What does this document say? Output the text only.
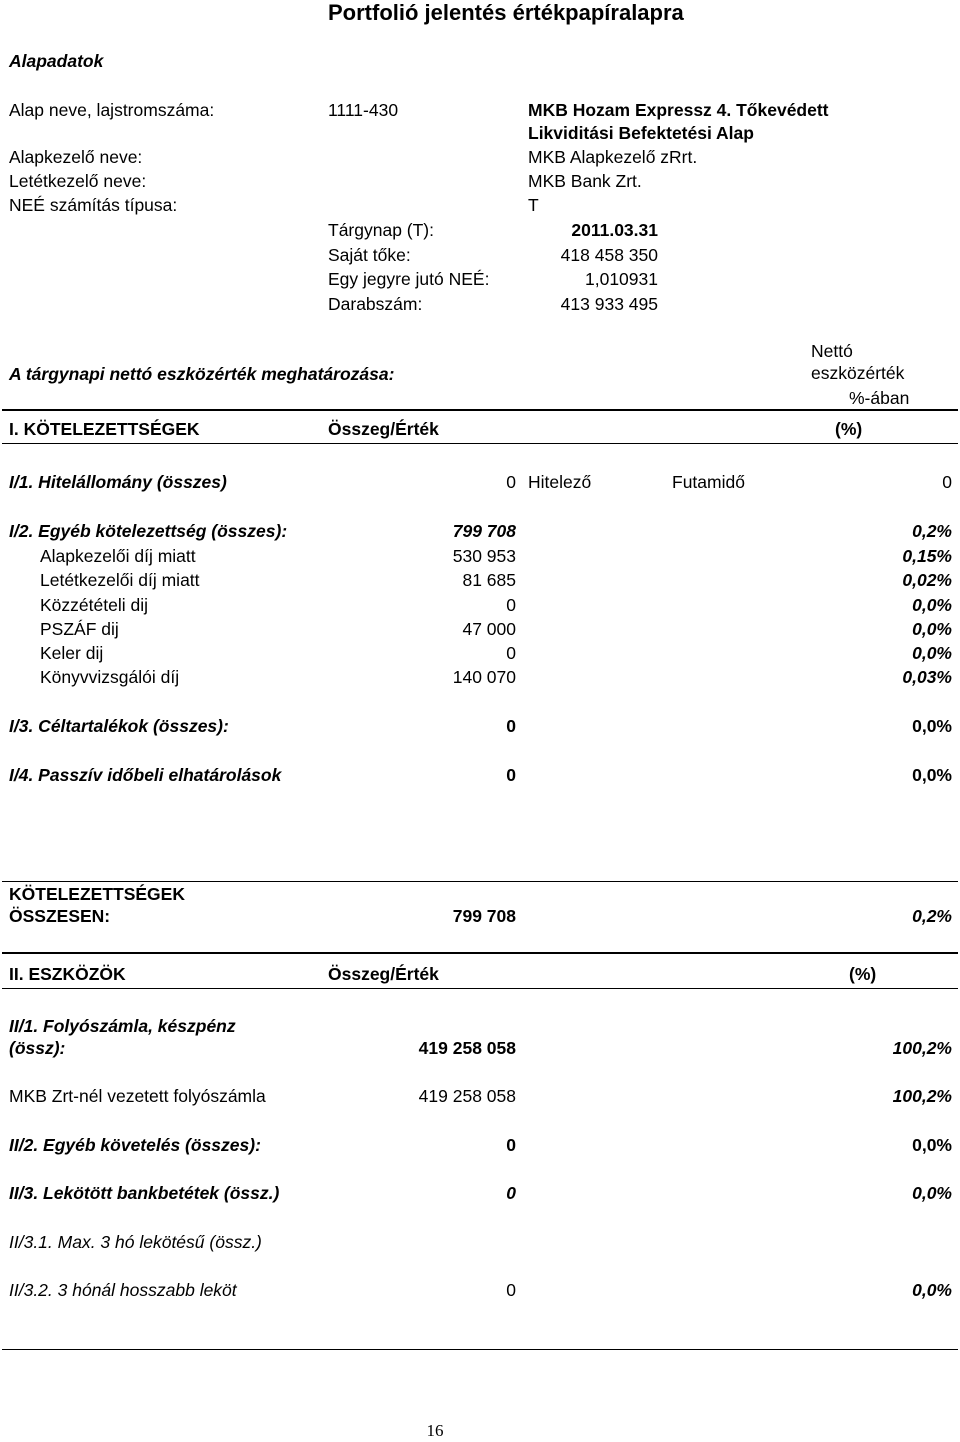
Portfolió jelentés értékpapíralapra
Alapadatok
Alap neve, lajstromszáma:	1111-430	MKB Hozam Expressz 4. Tőkevédett
Likviditási Befektetési Alap
Alapkezelő neve:	MKB Alapkezelő zRrt.
Letétkezelő neve:	MKB Bank Zrt.
NEÉ számítás típusa:	T
Tárgynap (T):	2011.03.31
Saját tőke:	418 458 350
Egy jegyre jutó NEÉ:	1,010931
Darabszám:	413 933 495
A tárgynapi nettó eszközérték meghatározása:
Nettó
eszközérték
%-ában
I. KÖTELEZETTSÉGEK	Összeg/Érték	(%)
I/1. Hitelállomány (összes)	0 Hitelező	Futamidő	0
I/2. Egyéb kötelezettség (összes):	799 708	0,2%
Alapkezelői díj miatt	530 953	0,15%
Letétkezelői díj miatt	81 685	0,02%
Közzétételi dij	0	0,0%
PSZÁF dij	47 000	0,0%
Keler dij	0	0,0%
Könyvvizsgálói díj	140 070	0,03%
I/3. Céltartalékok (összes):	0	0,0%
I/4. Passzív időbeli elhatárolások	0	0,0%
KÖTELEZETTSÉGEK
ÖSSZESEN:	799 708	0,2%
II. ESZKÖZÖK	Összeg/Érték	(%)
II/1. Folyószámla, készpénz
(össz):	419 258 058	100,2%
MKB Zrt-nél vezetett folyószámla	419 258 058	100,2%
II/2. Egyéb követelés (összes):	0	0,0%
II/3. Lekötött bankbetétek (össz.)	0	0,0%
II/3.1. Max. 3 hó lekötésű (össz.)
II/3.2. 3 hónál hosszabb leköt	0	0,0%
16
